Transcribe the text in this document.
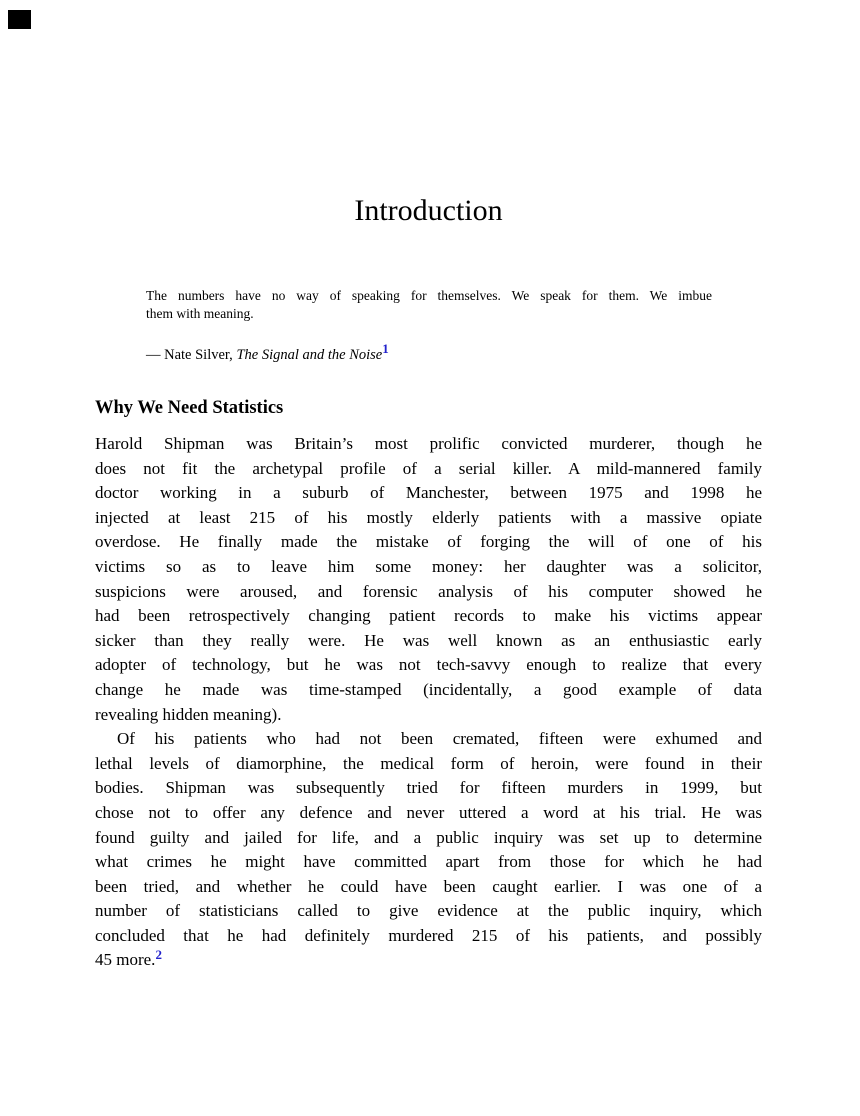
Introduction
The numbers have no way of speaking for themselves. We speak for them. We imbue
them with meaning.
— Nate Silver, The Signal and the Noise$^1$
Why We Need Statistics
Harold Shipman was Britain’s most prolific convicted murderer, though he
does not fit the archetypal profile of a serial killer. A mild-mannered family
doctor working in a suburb of Manchester, between 1975 and 1998 he
injected at least 215 of his mostly elderly patients with a massive opiate
overdose. He finally made the mistake of forging the will of one of his
victims so as to leave him some money: her daughter was a solicitor,
suspicions were aroused, and forensic analysis of his computer showed he
had been retrospectively changing patient records to make his victims appear
sicker than they really were. He was well known as an enthusiastic early
adopter of technology, but he was not tech-savvy enough to realize that every
change he made was time-stamped (incidentally, a good example of data
revealing hidden meaning).
Of his patients who had not been cremated, fifteen were exhumed and
lethal levels of diamorphine, the medical form of heroin, were found in their
bodies. Shipman was subsequently tried for fifteen murders in 1999, but
chose not to offer any defence and never uttered a word at his trial. He was
found guilty and jailed for life, and a public inquiry was set up to determine
what crimes he might have committed apart from those for which he had
been tried, and whether he could have been caught earlier. I was one of a
number of statisticians called to give evidence at the public inquiry, which
concluded that he had definitely murdered 215 of his patients, and possibly
45 more.$^2$
